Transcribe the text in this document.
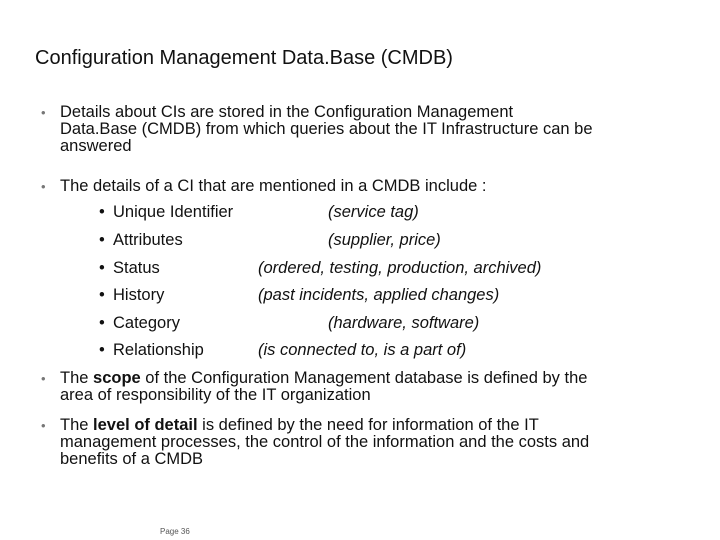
Configuration Management Data.Base (CMDB)
• Details about CIs are stored in the Configuration Management
Data.Base (CMDB) from which queries about the IT Infrastructure can be
answered
• The details of a CI that are mentioned in a CMDB include :
• Unique Identifier	(service tag)
• Attributes	(supplier, price)
• Status	(ordered, testing, production, archived)
• History	(past incidents, applied changes)
• Category	(hardware, software)
• Relationship	(is connected to, is a part of)
• The scope of the Configuration Management database is defined by the
area of responsibility of the IT organization
• The level of detail is defined by the need for information of the IT
management processes, the control of the information and the costs and
benefits of a CMDB
Page 36
